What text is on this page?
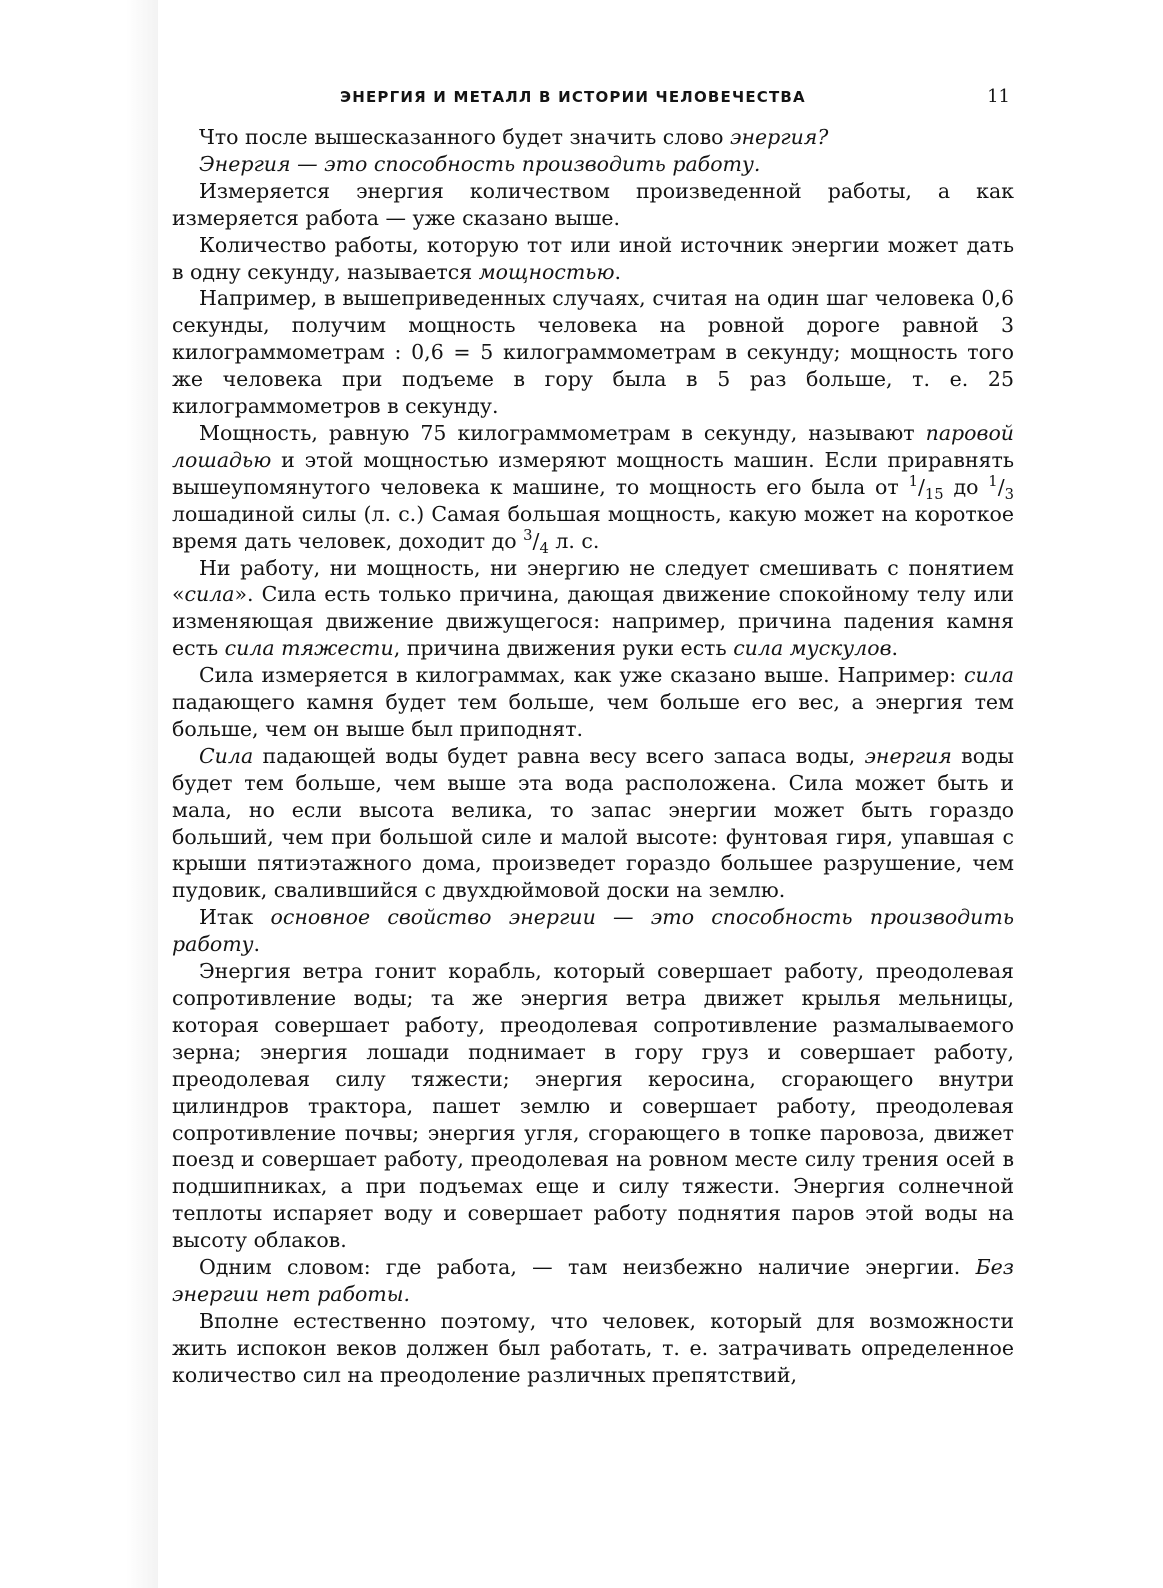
ЭНЕРГИЯ И МЕТАЛЛ В ИСТОРИИ ЧЕЛОВЕЧЕСТВА	11

Что после вышесказанного будет значить слово энергия?

Энергия — это способность производить работу.

Измеряется энергия количеством произведенной работы, а как измеряется работа — уже сказано выше.

Количество работы, которую тот или иной источник энергии может дать в одну секунду, называется мощностью.

Например, в вышеприведенных случаях, считая на один шаг человека 0,6 секунды, получим мощность человека на ровной дороге равной 3 килограммометрам : 0,6 = 5 килограммометрам в секунду; мощность того же человека при подъеме в гору была в 5 раз больше, т. е. 25 килограммометров в секунду.

Мощность, равную 75 килограммометрам в секунду, называют паровой лошадью и этой мощностью измеряют мощность машин. Если приравнять вышеупомянутого человека к машине, то мощность его была от $^1/_{15}$ до $^1/_3$ лошадиной силы (л. с.) Самая большая мощность, какую может на короткое время дать человек, доходит до $^3/_4$ л. с.

Ни работу, ни мощность, ни энергию не следует смешивать с понятием «сила». Сила есть только причина, дающая движение спокойному телу или изменяющая движение движущегося: например, причина падения камня есть сила тяжести, причина движения руки есть сила мускулов.

Сила измеряется в килограммах, как уже сказано выше. Например: сила падающего камня будет тем больше, чем больше его вес, а энергия тем больше, чем он выше был приподнят.

Сила падающей воды будет равна весу всего запаса воды, энергия воды будет тем больше, чем выше эта вода расположена. Сила может быть и мала, но если высота велика, то запас энергии может быть гораздо больший, чем при большой силе и малой высоте: фунтовая гиря, упавшая с крыши пятиэтажного дома, произведет гораздо большее разрушение, чем пудовик, свалившийся с двухдюймовой доски на землю.

Итак основное свойство энергии — это способность производить работу.

Энергия ветра гонит корабль, который совершает работу, преодолевая сопротивление воды; та же энергия ветра движет крылья мельницы, которая совершает работу, преодолевая сопротивление размалываемого зерна; энергия лошади поднимает в гору груз и совершает работу, преодолевая силу тяжести; энергия керосина, сгорающего внутри цилиндров трактора, пашет землю и совершает работу, преодолевая сопротивление почвы; энергия угля, сгорающего в топке паровоза, движет поезд и совершает работу, преодолевая на ровном месте силу трения осей в подшипниках, а при подъемах еще и силу тяжести. Энергия солнечной теплоты испаряет воду и совершает работу поднятия паров этой воды на высоту облаков.

Одним словом: где работа, — там неизбежно наличие энергии. Без энергии нет работы.

Вполне естественно поэтому, что человек, который для возможности жить испокон веков должен был работать, т. е. затрачивать определенное количество сил на преодоление различных препятствий,
